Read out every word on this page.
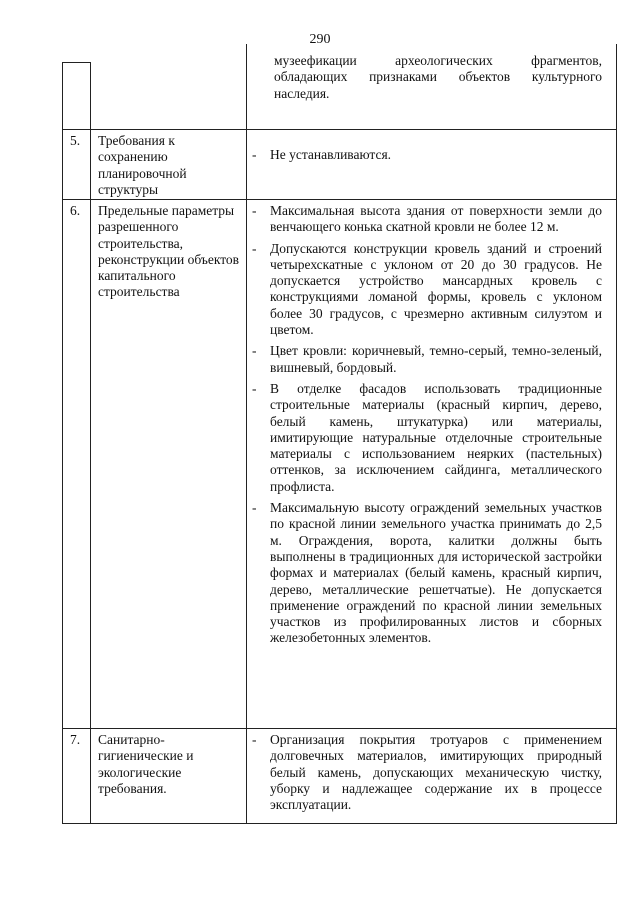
290
музеефикации археологических фрагментов, обладающих признаками объектов культурного наследия.
5. Требования к сохранению планировочной структуры
- Не устанавливаются.
6. Предельные параметры разрешенного строительства, реконструкции объектов капитального строительства
- Максимальная высота здания от поверхности земли до венчающего конька скатной кровли не более 12 м.
- Допускаются конструкции кровель зданий и строений четырехскатные с уклоном от 20 до 30 градусов. Не допускается устройство мансардных кровель с конструкциями ломаной формы, кровель с уклоном более 30 градусов, с чрезмерно активным силуэтом и цветом.
- Цвет кровли: коричневый, темно-серый, темно-зеленый, вишневый, бордовый.
- В отделке фасадов использовать традиционные строительные материалы (красный кирпич, дерево, белый камень, штукатурка) или материалы, имитирующие натуральные отделочные строительные материалы с использованием неярких (пастельных) оттенков, за исключением сайдинга, металлического профлиста.
- Максимальную высоту ограждений земельных участков по красной линии земельного участка принимать до 2,5 м. Ограждения, ворота, калитки должны быть выполнены в традиционных для исторической застройки формах и материалах (белый камень, красный кирпич, дерево, металлические решетчатые). Не допускается применение ограждений по красной линии земельных участков из профилированных листов и сборных железобетонных элементов.
7. Санитарно-гигиенические и экологические требования.
- Организация покрытия тротуаров с применением долговечных материалов, имитирующих природный белый камень, допускающих механическую чистку, уборку и надлежащее содержание их в процессе эксплуатации.
